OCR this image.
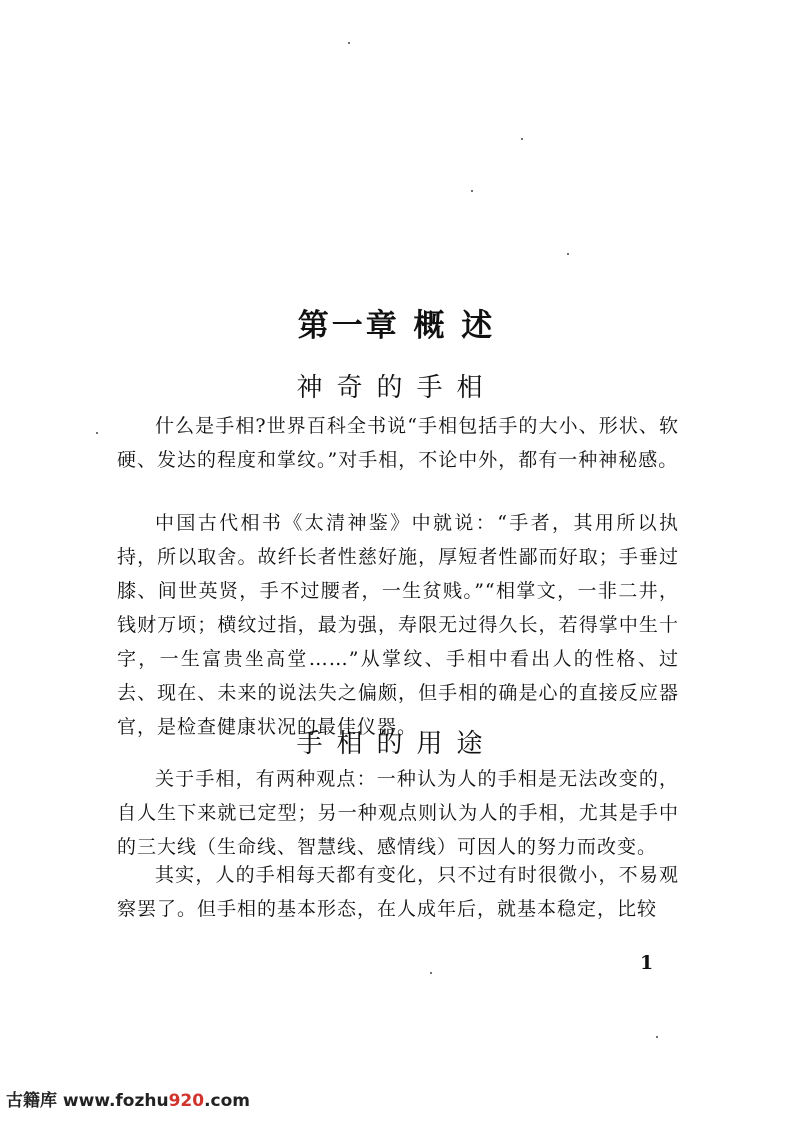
第一章 概 述
神奇的手相

什么是手相?世界百科全书说“手相包括手的大小、形状、软硬、发达的程度和掌纹。”对手相，不论中外，都有一种神秘感。

中国古代相书《太清神鉴》中就说：“手者，其用所以执持，所以取舍。故纤长者性慈好施，厚短者性鄙而好取；手垂过膝、间世英贤，手不过腰者，一生贫贱。”“相掌文，一非二井，钱财万顷；横纹过指，最为强，寿限无过得久长，若得掌中生十字，一生富贵坐高堂……”从掌纹、手相中看出人的性格、过去、现在、未来的说法失之偏颇，但手相的确是心的直接反应器官，是检查健康状况的最佳仪器。

手相的用途

关于手相，有两种观点：一种认为人的手相是无法改变的，自人生下来就已定型；另一种观点则认为人的手相，尤其是手中的三大线（生命线、智慧线、感情线）可因人的努力而改变。

其实，人的手相每天都有变化，只不过有时很微小，不易观察罢了。但手相的基本形态，在人成年后，就基本稳定，比较

1
古籍库 www.fozhu920.com
